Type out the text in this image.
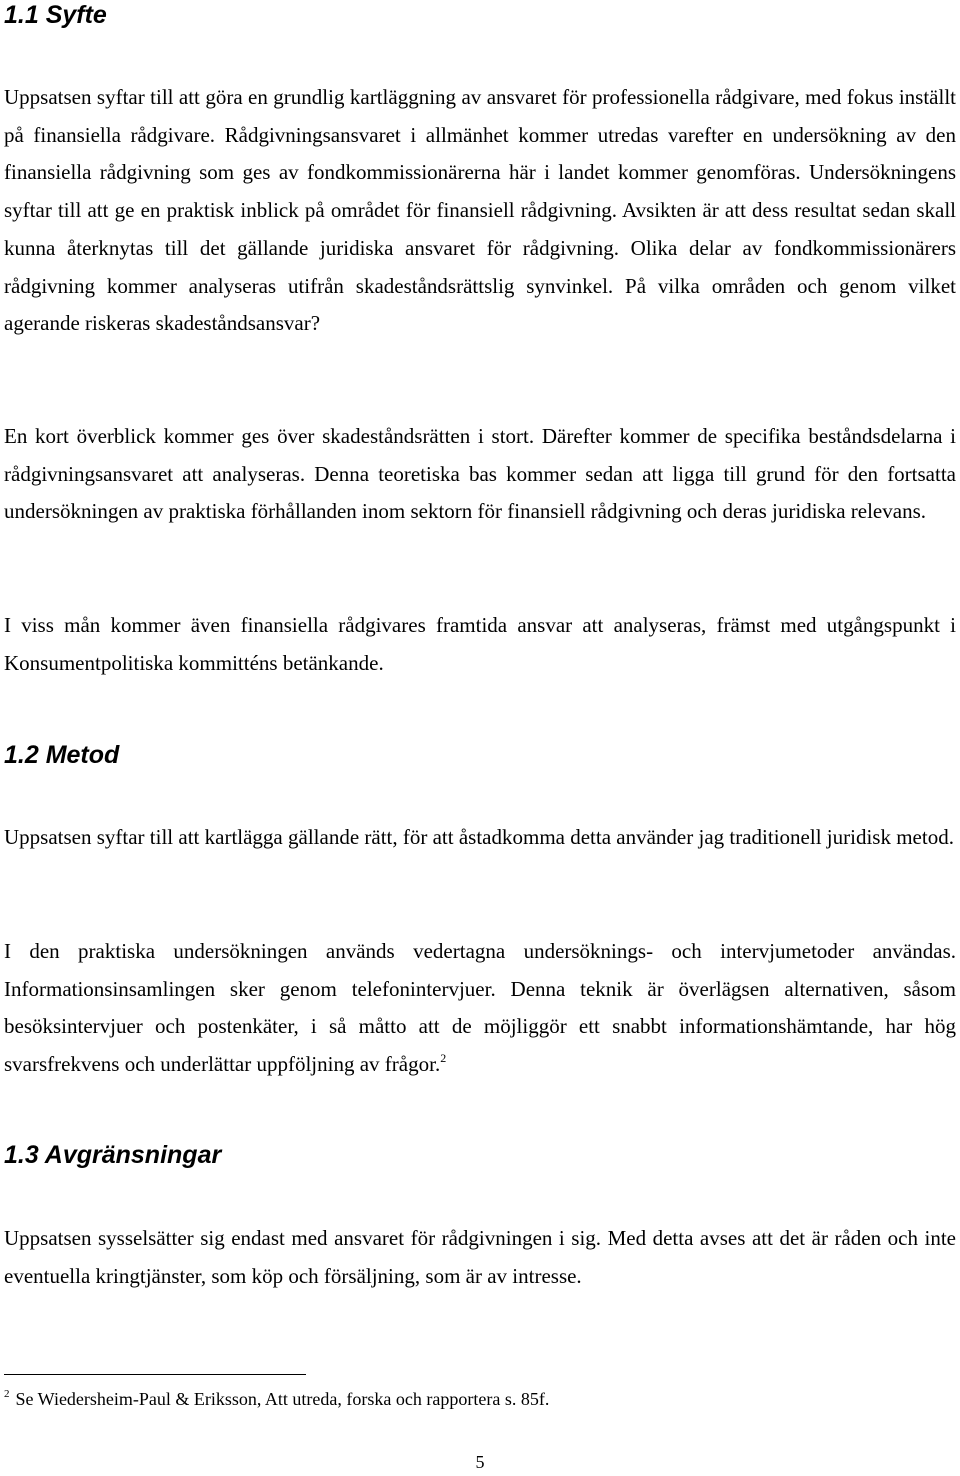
1.1 Syfte

Uppsatsen syftar till att göra en grundlig kartläggning av ansvaret för professionella rådgivare, med fokus inställt på finansiella rådgivare. Rådgivningsansvaret i allmänhet kommer utredas varefter en undersökning av den finansiella rådgivning som ges av fondkommissionärerna här i landet kommer genomföras. Undersökningens syftar till att ge en praktisk inblick på området för finansiell rådgivning. Avsikten är att dess resultat sedan skall kunna återknytas till det gällande juridiska ansvaret för rådgivning. Olika delar av fondkommissionärers rådgivning kommer analyseras utifrån skadeståndsrättslig synvinkel. På vilka områden och genom vilket agerande riskeras skadeståndsansvar?

En kort överblick kommer ges över skadeståndsrätten i stort. Därefter kommer de specifika beståndsdelarna i rådgivningsansvaret att analyseras. Denna teoretiska bas kommer sedan att ligga till grund för den fortsatta undersökningen av praktiska förhållanden inom sektorn för finansiell rådgivning och deras juridiska relevans.

I viss mån kommer även finansiella rådgivares framtida ansvar att analyseras, främst med utgångspunkt i Konsumentpolitiska kommitténs betänkande.

1.2 Metod

Uppsatsen syftar till att kartlägga gällande rätt, för att åstadkomma detta använder jag traditionell juridisk metod.

I den praktiska undersökningen används vedertagna undersöknings- och intervjumetoder användas. Informationsinsamlingen sker genom telefonintervjuer. Denna teknik är överlägsen alternativen, såsom besöksintervjuer och postenkäter, i så måtto att de möjliggör ett snabbt informationshämtande, har hög svarsfrekvens och underlättar uppföljning av frågor.$^2$

1.3 Avgränsningar

Uppsatsen sysselsätter sig endast med ansvaret för rådgivningen i sig. Med detta avses att det är råden och inte eventuella kringtjänster, som köp och försäljning, som är av intresse.

$^2$ Se Wiedersheim-Paul & Eriksson, Att utreda, forska och rapportera s. 85f.

5
